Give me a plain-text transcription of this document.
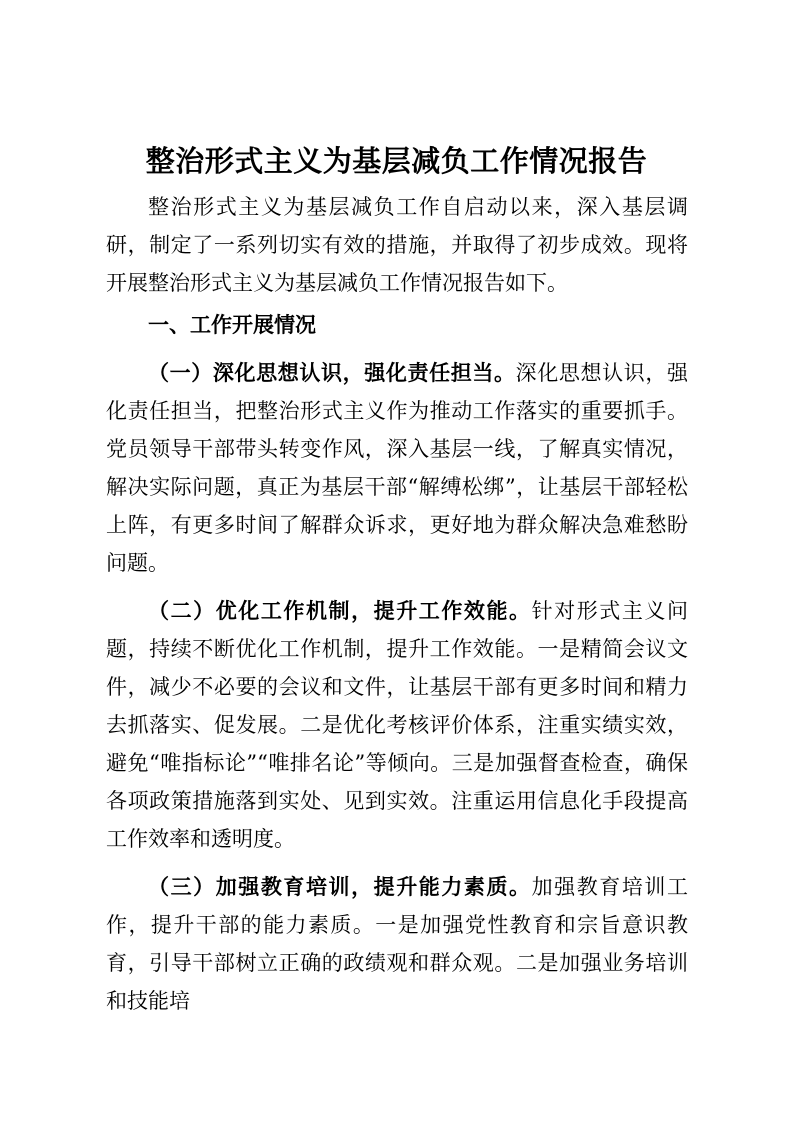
整治形式主义为基层减负工作情况报告

整治形式主义为基层减负工作自启动以来，深入基层调研，制定了一系列切实有效的措施，并取得了初步成效。现将开展整治形式主义为基层减负工作情况报告如下。

一、工作开展情况

（一）深化思想认识，强化责任担当。深化思想认识，强化责任担当，把整治形式主义作为推动工作落实的重要抓手。党员领导干部带头转变作风，深入基层一线，了解真实情况，解决实际问题，真正为基层干部“解缚松绑”，让基层干部轻松上阵，有更多时间了解群众诉求，更好地为群众解决急难愁盼问题。

（二）优化工作机制，提升工作效能。针对形式主义问题，持续不断优化工作机制，提升工作效能。一是精简会议文件，减少不必要的会议和文件，让基层干部有更多时间和精力去抓落实、促发展。二是优化考核评价体系，注重实绩实效，避免“唯指标论”“唯排名论”等倾向。三是加强督查检查，确保各项政策措施落到实处、见到实效。注重运用信息化手段提高工作效率和透明度。

（三）加强教育培训，提升能力素质。加强教育培训工作，提升干部的能力素质。一是加强党性教育和宗旨意识教育，引导干部树立正确的政绩观和群众观。二是加强业务培训和技能培
